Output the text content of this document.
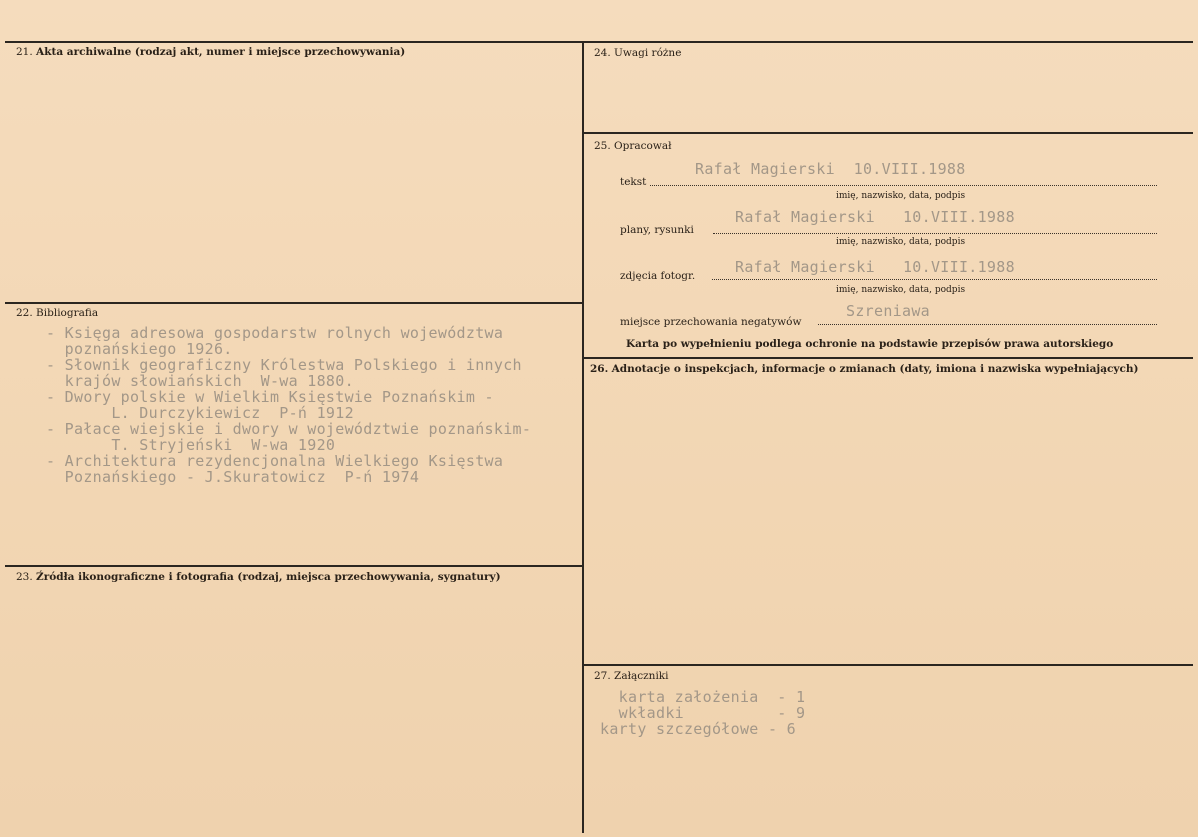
21. Akta archiwalne (rodzaj akt, numer i miejsce przechowywania)
22. Bibliografia
- Księga adresowa gospodarstw rolnych województwa
poznańskiego 1926.
- Słownik geograficzny Królestwa Polskiego i innych
krajów słowiańskich  W-wa 1880.
- Dwory polskie w Wielkim Księstwie Poznańskim -
L. Durczykiewicz  P-ń 1912
- Pałace wiejskie i dwory w województwie poznańskim-
T. Stryjeński  W-wa 1920
- Architektura rezydencjonalna Wielkiego Księstwa
Poznańskiego - J.Skuratowicz  P-ń 1974
23. Źródła ikonograficzne i fotografia (rodzaj, miejsca przechowywania, sygnatury)
24. Uwagi różne
25. Opracował
tekst
Rafał Magierski  10.VIII.1988
imię, nazwisko, data, podpis
plany, rysunki
Rafał Magierski   10.VIII.1988
imię, nazwisko, data, podpis
zdjęcia fotogr.	Rafał Magierski   10.VIII.1988
imię, nazwisko, data, podpis
miejsce przechowania negatywów
Szreniawa
Karta po wypełnieniu podlega ochronie na podstawie przepisów prawa autorskiego
26. Adnotacje o inspekcjach, informacje o zmianach (daty, imiona i nazwiska wypełniających)
27. Załączniki
karta założenia  - 1
wkładki          - 9
karty szczegółowe - 6
